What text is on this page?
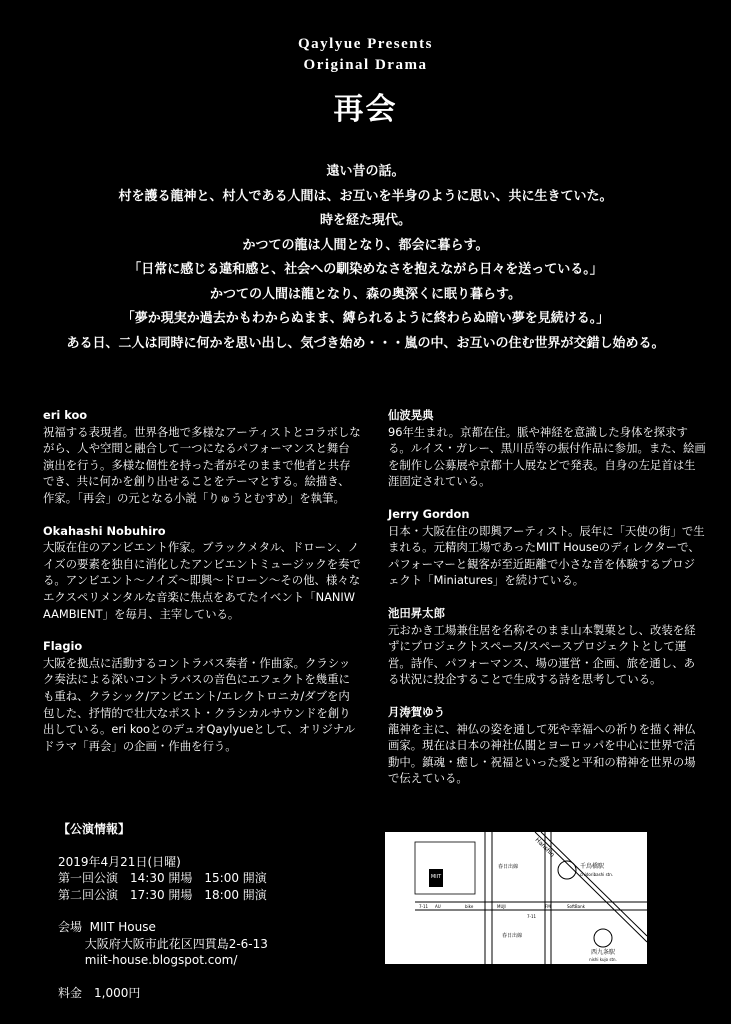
Qaylyue Presents
Original Drama
再会
遠い昔の話。
村を護る龍神と、村人である人間は、お互いを半身のように思い、共に生きていた。
時を経た現代。
かつての龍は人間となり、都会に暮らす。
「日常に感じる違和感と、社会への馴染めなさを抱えながら日々を送っている。」
かつての人間は龍となり、森の奥深くに眠り暮らす。
「夢か現実か過去かもわからぬまま、縛られるように終わらぬ暗い夢を見続ける。」
ある日、二人は同時に何かを思い出し、気づき始め・・・嵐の中、お互いの住む世界が交錯し始める。
eri koo
祝福する表現者。世界各地で多様なアーティストとコラボしながら、人や空間と融合して一つになるパフォーマンスと舞台演出を行う。多様な個性を持った者がそのままで他者と共存でき、共に何かを創り出せることをテーマとする。絵描き、作家。「再会」の元となる小説「りゅうとむすめ」を執筆。
Okahashi Nobuhiro
大阪在住のアンビエント作家。ブラックメタル、ドローン、ノイズの要素を独自に消化したアンビエントミュージックを奏でる。アンビエント～ノイズ～即興～ドローン～その他、様々なエクスペリメンタルな音楽に焦点をあてたイベント「NANIWAAMBIENT」を毎月、主宰している。
Flagio
大阪を拠点に活動するコントラバス奏者・作曲家。クラシック奏法による深いコントラバスの音色にエフェクトを幾重にも重ね、クラシック/アンビエント/エレクトロニカ/ダブを内包した、抒情的で壮大なポスト・クラシカルサウンドを創り出している。eri kooとのデュオQaylyueとして、オリジナルドラマ「再会」の企画・作曲を行う。
仙波晃典
96年生まれ。京都在住。脈や神経を意識した身体を探求する。ルイス・ガレー、黒川岳等の振付作品に参加。また、絵画を制作し公募展や京都十人展などで発表。自身の左足首は生涯固定されている。
Jerry Gordon
日本・大阪在住の即興アーティスト。辰年に「天使の街」で生まれる。元精肉工場であったMIIT Houseのディレクターで、パフォーマーと観客が至近距離で小さな音を体験するプロジェクト「Miniatures」を続けている。
池田昇太郎
元おかき工場兼住居を名称そのまま山本製菓とし、改装を経ずにプロジェクトスペース/スペースプロジェクトとして運営。詩作、パフォーマンス、場の運営・企画、旅を通し、ある状況に投企することで生成する詩を思考している。
月涛賀ゆう
龍神を主に、神仏の姿を通して死や幸福への祈りを描く神仏画家。現在は日本の神社仏閣とヨーロッパを中心に世界で活動中。鎮魂・癒し・祝福といった愛と平和の精神を世界の場で伝えている。
【公演情報】
2019年4月21日(日曜)
第一回公演　14:30 開場　15:00 開演
第二回公演　17:30 開場　18:00 開演
会場 MIIT House
大阪府大阪市此花区四貫島2-6-13
miit-house.blogspot.com/
料金　1,000円
MIIT
千鳥橋駅
chidoribashi stn.
西九条駅
nishi kujo stn.
Hanshin
春日出線
春日出線
7-11 AU	bike	MUJI	FM	SoftBank
7-11
